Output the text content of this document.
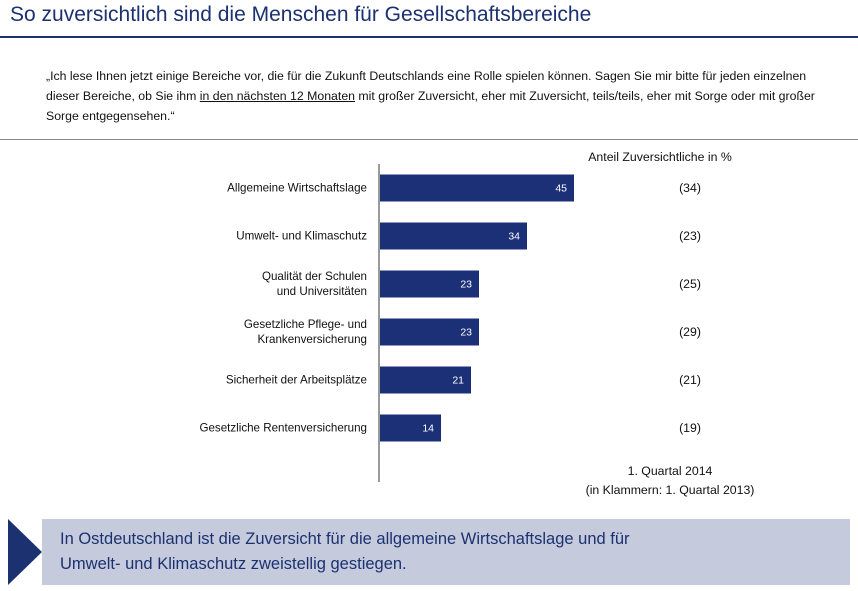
So zuversichtlich sind die Menschen für Gesellschaftsbereiche
„Ich lese Ihnen jetzt einige Bereiche vor, die für die Zukunft Deutschlands eine Rolle spielen können. Sagen Sie mir bitte für jeden einzelnen dieser Bereiche, ob Sie ihm in den nächsten 12 Monaten mit großer Zuversicht, eher mit Zuversicht, teils/teils, eher mit Sorge oder mit großer Sorge entgegensehen.“
Anteil Zuversichtliche in %
Allgemeine Wirtschaftslage	45	(34)
Umwelt- und Klimaschutz	34	(23)
Qualität der Schulen
und Universitäten
23	(25)
Gesetzliche Pflege- und
Krankenversicherung
23	(29)
Sicherheit der Arbeitsplätze	21	(21)
Gesetzliche Rentenversicherung	14	(19)
1. Quartal 2014
(in Klammern: 1. Quartal 2013)
In Ostdeutschland ist die Zuversicht für die allgemeine Wirtschaftslage und für
Umwelt- und Klimaschutz zweistellig gestiegen.
